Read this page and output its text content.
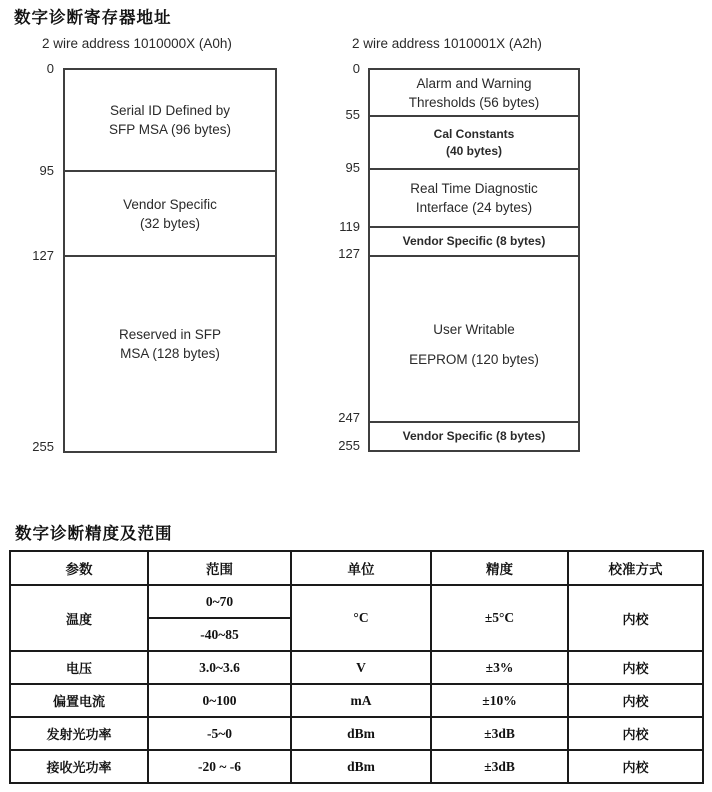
数字诊断寄存器地址
2 wire address 1010000X (A0h)	2 wire address 1010001X (A2h)
Serial ID Defined by
SFP MSA (96 bytes)
Vendor Specific
(32 bytes)
Reserved in SFP
MSA (128 bytes)
0
95
127
255
Alarm and Warning
Thresholds (56 bytes)
Cal Constants
(40 bytes)
Real Time Diagnostic
Interface (24 bytes)
Vendor Specific (8 bytes)
User Writable
EEPROM (120 bytes)
Vendor Specific (8 bytes)
0
55
95
119
127
247
255
数字诊断精度及范围
参数	范围	单位	精度	校准方式
温度	0~70	°C	±5°C	内校
	-40~85			
电压	3.0~3.6	V	±3%	内校
偏置电流	0~100	mA	±10%	内校
发射光功率	-5~0	dBm	±3dB	内校
接收光功率	-20 ~ -6	dBm	±3dB	内校
